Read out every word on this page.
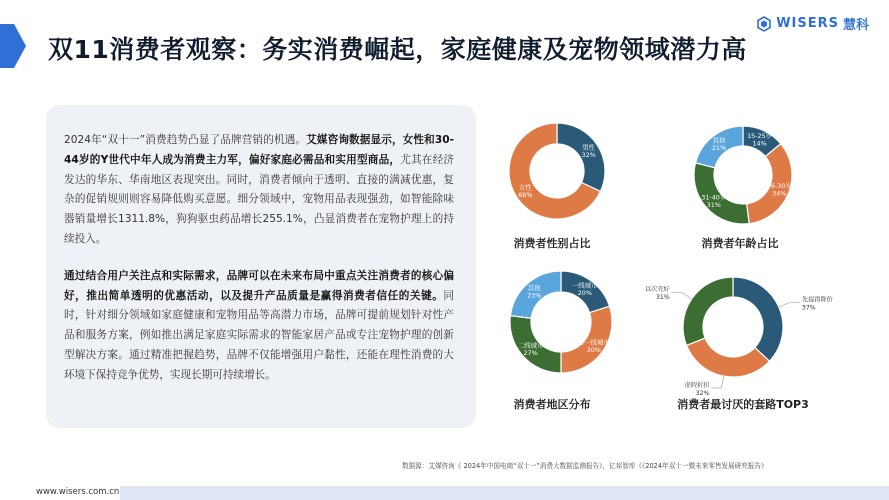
双11消费者观察：务实消费崛起，家庭健康及宠物领域潜力高
WISERS 慧科

2024年“双十一”消费趋势凸显了品牌营销的机遇。艾媒咨询数据显示，女性和30-44岁的Y世代中年人成为消费主力军，偏好家庭必需品和实用型商品，尤其在经济发达的华东、华南地区表现突出。同时，消费者倾向于透明、直接的满减优惠，复杂的促销规则则容易降低购买意愿。细分领域中，宠物用品表现强劲，如智能除味器销量增长1311.8%，狗狗驱虫药品增长255.1%，凸显消费者在宠物护理上的持续投入。

通过结合用户关注点和实际需求，品牌可以在未来布局中重点关注消费者的核心偏好，推出简单透明的优惠活动，以及提升产品质量是赢得消费者信任的关键。同时，针对细分领域如家庭健康和宠物用品等高潜力市场，品牌可提前规划针对性产品和服务方案，例如推出满足家庭实际需求的智能家居产品或专注宠物护理的创新型解决方案。通过精准把握趋势，品牌不仅能增强用户黏性，还能在理性消费的大环境下保持竞争优势，实现长期可持续增长。

男性
32%
女性
68%
消费者性别占比
15-25岁
14%
26-30岁
34%
31-40岁
31%
其他
21%
消费者年龄占比
一线城市
20%
新一线城市
30%
二线城市
27%
其他
23%
消费者地区分布
先提再降价
37%
虚假折扣
32%
以次充好
31%
消费者最讨厌的套路TOP3
数据源：艾媒咨询《 2024年中国电商“双十一”消费大数据监测报告》，亿邦智库《《2024年双十一暨未来零售发展研究报告》
www.wisers.com.cn
